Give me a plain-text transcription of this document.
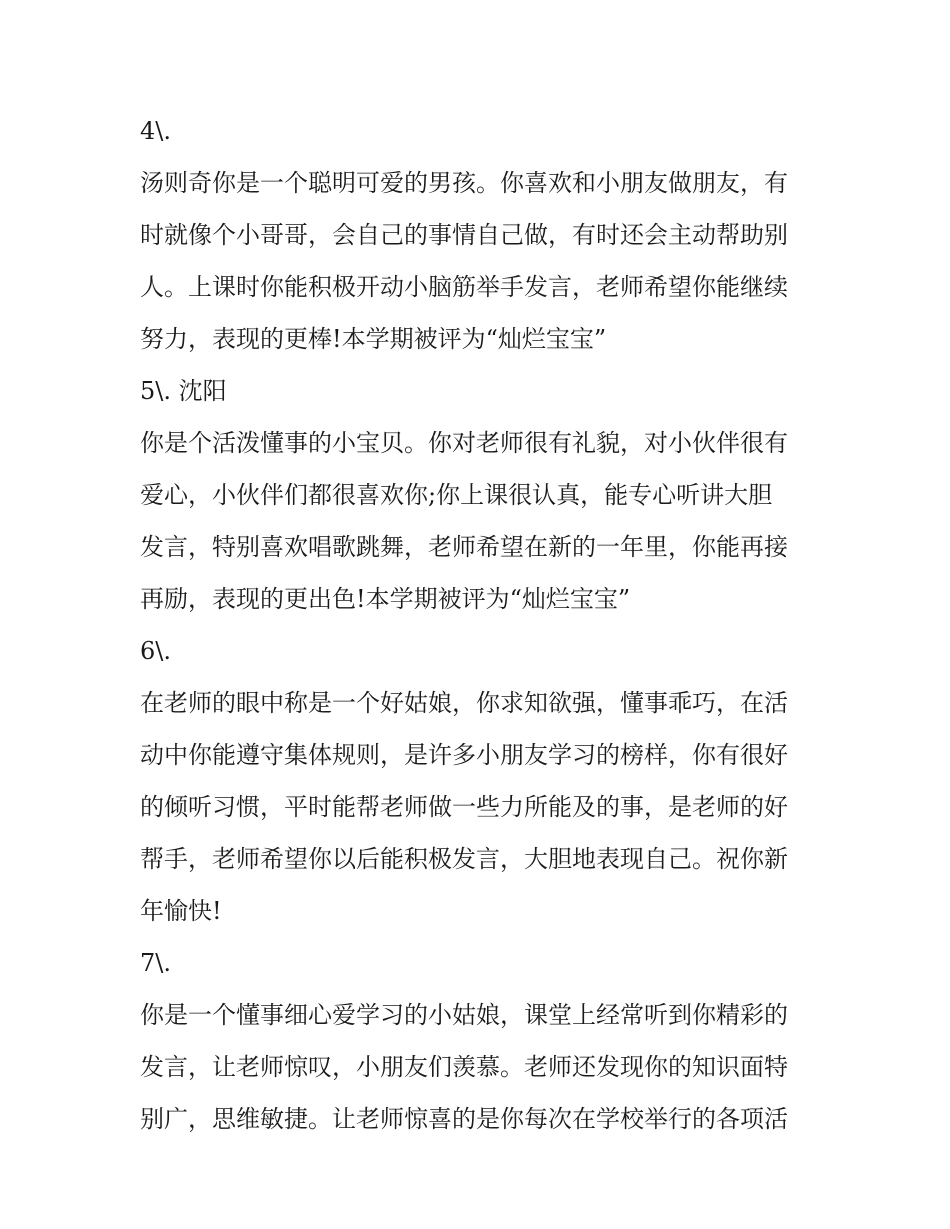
4\.
汤则奇你是一个聪明可爱的男孩。你喜欢和小朋友做朋友，有
时就像个小哥哥，会自己的事情自己做，有时还会主动帮助别
人。上课时你能积极开动小脑筋举手发言，老师希望你能继续
努力，表现的更棒!本学期被评为“灿烂宝宝”
5\. 沈阳
你是个活泼懂事的小宝贝。你对老师很有礼貌，对小伙伴很有
爱心，小伙伴们都很喜欢你;你上课很认真，能专心听讲大胆
发言，特别喜欢唱歌跳舞，老师希望在新的一年里，你能再接
再励，表现的更出色!本学期被评为“灿烂宝宝”
6\.
在老师的眼中称是一个好姑娘，你求知欲强，懂事乖巧，在活
动中你能遵守集体规则，是许多小朋友学习的榜样，你有很好
的倾听习惯，平时能帮老师做一些力所能及的事，是老师的好
帮手，老师希望你以后能积极发言，大胆地表现自己。祝你新
年愉快!
7\.
你是一个懂事细心爱学习的小姑娘，课堂上经常听到你精彩的
发言，让老师惊叹，小朋友们羡慕。老师还发现你的知识面特
别广，思维敏捷。让老师惊喜的是你每次在学校举行的各项活
